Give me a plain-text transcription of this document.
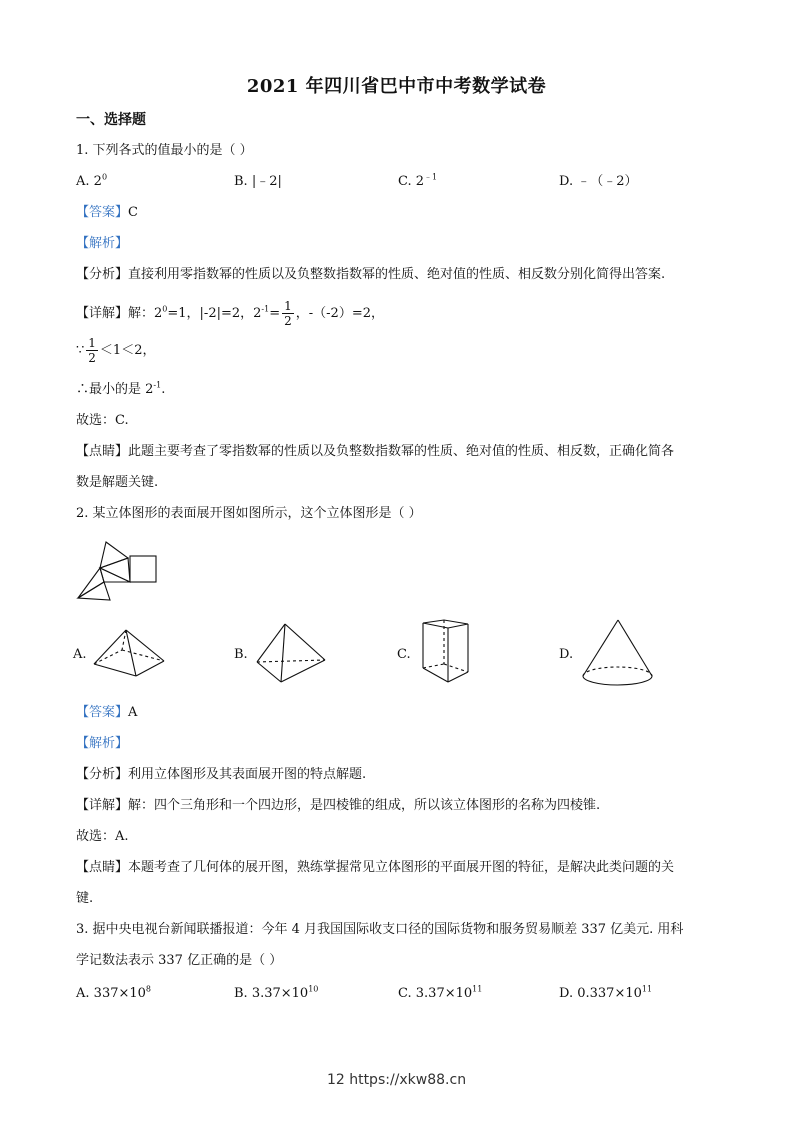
2021 年四川省巴中市中考数学试卷
一、选择题
1. 下列各式的值最小的是（ ）
A. $2^0$	B. |﹣2|	C. $2^{﹣1}$	D. ﹣（﹣2）
【答案】C
【解析】
【分析】直接利用零指数幂的性质以及负整数指数幂的性质、绝对值的性质、相反数分别化简得出答案.
【详解】解：$2^0=1$，|-2|=2，$2^{-1}= \frac{1}{2}$ ，-（-2）=2，
∵ $\frac{1}{2} <1<2$，
∴最小的是 $2^{-1}$.
故选：C.
【点睛】此题主要考查了零指数幂的性质以及负整数指数幂的性质、绝对值的性质、相反数，正确化简各
数是解题关键.
2. 某立体图形的表面展开图如图所示，这个立体图形是（ ）
A.	B.	C.	D.
【答案】A
【解析】
【分析】利用立体图形及其表面展开图的特点解题.
【详解】解：四个三角形和一个四边形，是四棱锥的组成，所以该立体图形的名称为四棱锥.
故选：A.
【点睛】本题考查了几何体的展开图，熟练掌握常见立体图形的平面展开图的特征，是解决此类问题的关
键.
3. 据中央电视台新闻联播报道：今年 4 月我国国际收支口径的国际货物和服务贸易顺差 337 亿美元. 用科
学记数法表示 337 亿正确的是（ ）
A. $337\times 10^8$	B. $3.37\times 10^{10}$	C. $3.37\times 10^{11}$	D. $0.337\times 10^{11}$
12 https://xkw88.cn
